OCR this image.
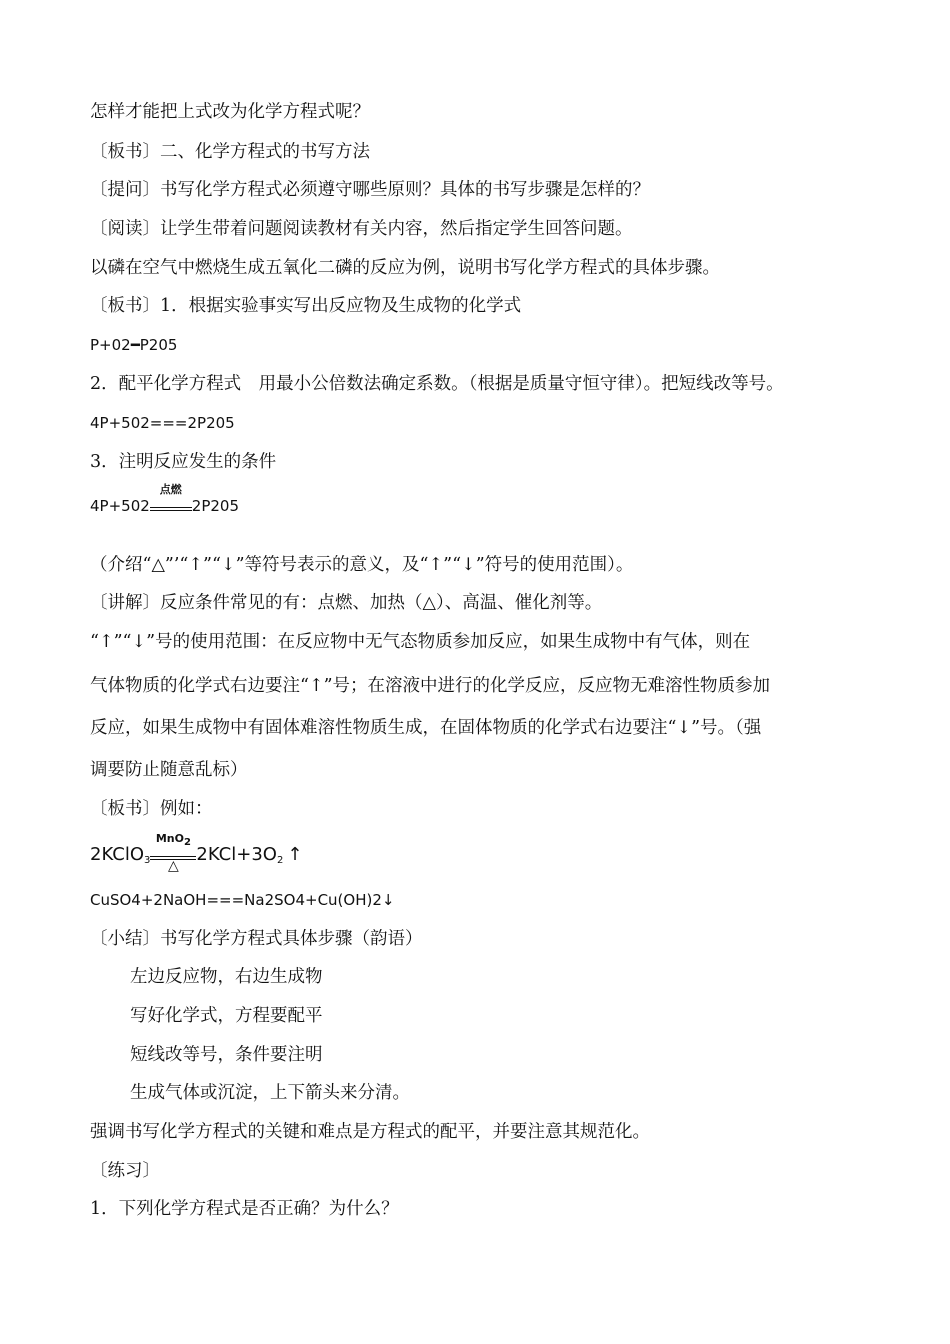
怎样才能把上式改为化学方程式呢？
〔板书〕二、化学方程式的书写方法
〔提问〕书写化学方程式必须遵守哪些原则？具体的书写步骤是怎样的？
〔阅读〕让学生带着问题阅读教材有关内容，然后指定学生回答问题。
以磷在空气中燃烧生成五氧化二磷的反应为例，说明书写化学方程式的具体步骤。
〔板书〕1．根据实验事实写出反应物及生成物的化学式
P+02━P205
2．配平化学方程式　用最小公倍数法确定系数。（根据是质量守恒守律）。把短线改等号。
4P+502===2P205
3．注明反应发生的条件
4P+502
点燃
2P205
（介绍“△”’“↑”“↓”等符号表示的意义，及“↑”“↓”符号的使用范围）。
〔讲解〕反应条件常见的有：点燃、加热（△）、高温、催化剂等。
“↑”“↓”号的使用范围：在反应物中无气态物质参加反应，如果生成物中有气体，则在
气体物质的化学式右边要注“↑”号；在溶液中进行的化学反应，反应物无难溶性物质参加
反应，如果生成物中有固体难溶性物质生成，在固体物质的化学式右边要注“↓”号。（强
调要防止随意乱标）
〔板书〕例如：
2KClO$_3$
MnO$_2$
△
$2KCl+3O_2$ ↑
CuSO4+2NaOH===Na2SO4+Cu(OH)2↓
〔小结〕书写化学方程式具体步骤（韵语）
左边反应物，右边生成物
写好化学式，方程要配平
短线改等号，条件要注明
生成气体或沉淀，上下箭头来分清。
强调书写化学方程式的关键和难点是方程式的配平，并要注意其规范化。
〔练习〕
1．下列化学方程式是否正确？为什么？
